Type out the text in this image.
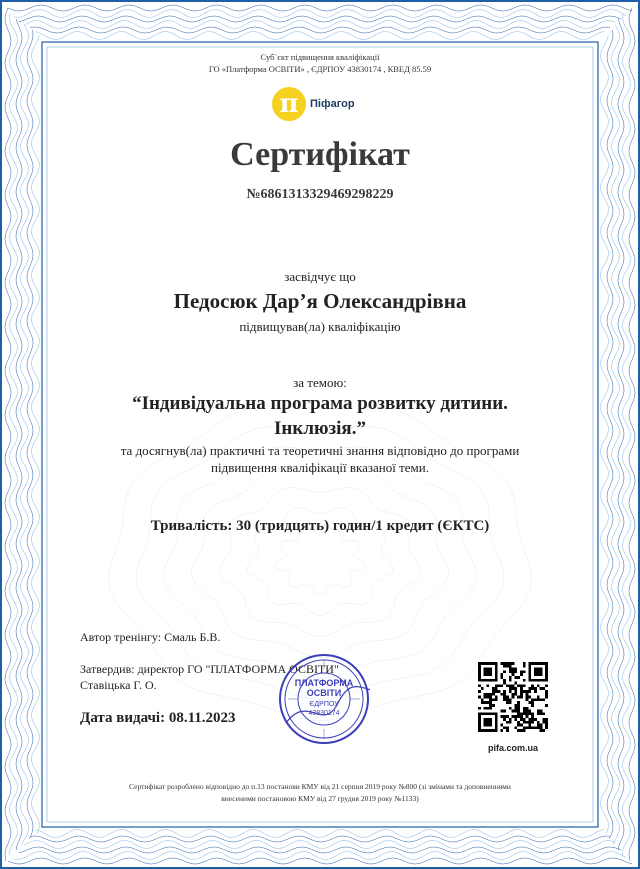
Суб`єкт підвищення кваліфікації
ГО «Платформа ОСВІТИ» , ЄДРПОУ 43830174 , КВЕД 85.59
π	Піфагор
Сертифікат
№6861313329469298229
засвідчує що
Педосюк Дар’я Олександрівна
підвищував(ла) кваліфікацію
за темою:
“Індивідуальна програма розвитку дитини.
Інклюзія.”
та досягнув(ла) практичні та теоретичні знання відповідно до програми
підвищення кваліфікації вказаної теми.
Тривалість: 30 (тридцять) годин/1 кредит (ЄКТС)
Автор тренінгу: Смаль Б.В.
Затвердив: директор ГО "ПЛАТФОРМА ОСВІТИ"
Ставіцька Г. О.
Дата видачі: 08.11.2023
ПЛАТФОРМА
ОСВІТИ
ЄДРПОУ
43830174
pifa.com.ua
Сертифікат розроблено відповідно до п.13 постанови КМУ від 21 серпня 2019 року №800 (зі змінами та доповненнями
внесеними постановою КМУ від 27 грудня 2019 року №1133)
